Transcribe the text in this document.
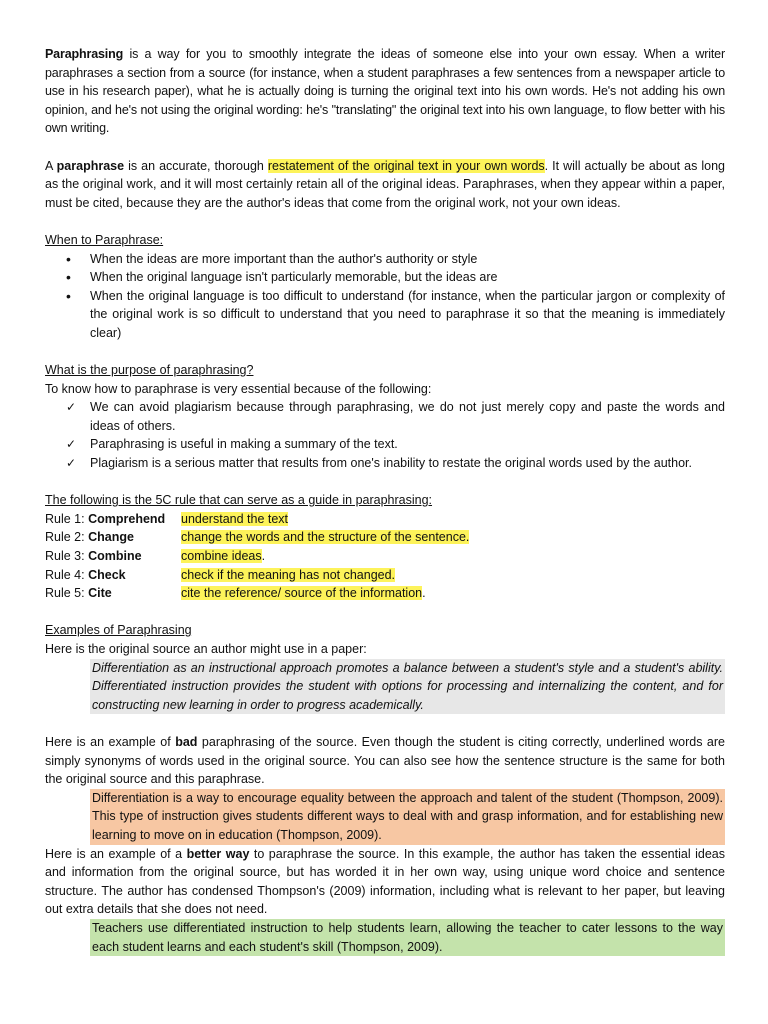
Paraphrasing is a way for you to smoothly integrate the ideas of someone else into your own essay. When a writer paraphrases a section from a source (for instance, when a student paraphrases a few sentences from a newspaper article to use in his research paper), what he is actually doing is turning the original text into his own words. He's not adding his own opinion, and he's not using the original wording: he's "translating" the original text into his own language, to flow better with his own writing.

A paraphrase is an accurate, thorough restatement of the original text in your own words. It will actually be about as long as the original work, and it will most certainly retain all of the original ideas. Paraphrases, when they appear within a paper, must be cited, because they are the author's ideas that come from the original work, not your own ideas.

When to Paraphrase:

• When the ideas are more important than the author's authority or style
• When the original language isn't particularly memorable, but the ideas are
• When the original language is too difficult to understand (for instance, when the particular jargon or complexity of the original work is so difficult to understand that you need to paraphrase it so that the meaning is immediately clear)

What is the purpose of paraphrasing?

To know how to paraphrase is very essential because of the following:

✓ We can avoid plagiarism because through paraphrasing, we do not just merely copy and paste the words and ideas of others.
✓ Paraphrasing is useful in making a summary of the text.
✓ Plagiarism is a serious matter that results from one's inability to restate the original words used by the author.

The following is the 5C rule that can serve as a guide in paraphrasing:

Rule 1: Comprehend	understand the text
Rule 2: Change	change the words and the structure of the sentence.
Rule 3: Combine	combine ideas.
Rule 4: Check	check if the meaning has not changed.
Rule 5: Cite	cite the reference/ source of the information.

Examples of Paraphrasing

Here is the original source an author might use in a paper:

Differentiation as an instructional approach promotes a balance between a student's style and a student's ability. Differentiated instruction provides the student with options for processing and internalizing the content, and for constructing new learning in order to progress academically.

Here is an example of bad paraphrasing of the source. Even though the student is citing correctly, underlined words are simply synonyms of words used in the original source. You can also see how the sentence structure is the same for both the original source and this paraphrase.

Differentiation is a way to encourage equality between the approach and talent of the student (Thompson, 2009). This type of instruction gives students different ways to deal with and grasp information, and for establishing new learning to move on in education (Thompson, 2009).

Here is an example of a better way to paraphrase the source. In this example, the author has taken the essential ideas and information from the original source, but has worded it in her own way, using unique word choice and sentence structure. The author has condensed Thompson's (2009) information, including what is relevant to her paper, but leaving out extra details that she does not need.

Teachers use differentiated instruction to help students learn, allowing the teacher to cater lessons to the way each student learns and each student's skill (Thompson, 2009).
